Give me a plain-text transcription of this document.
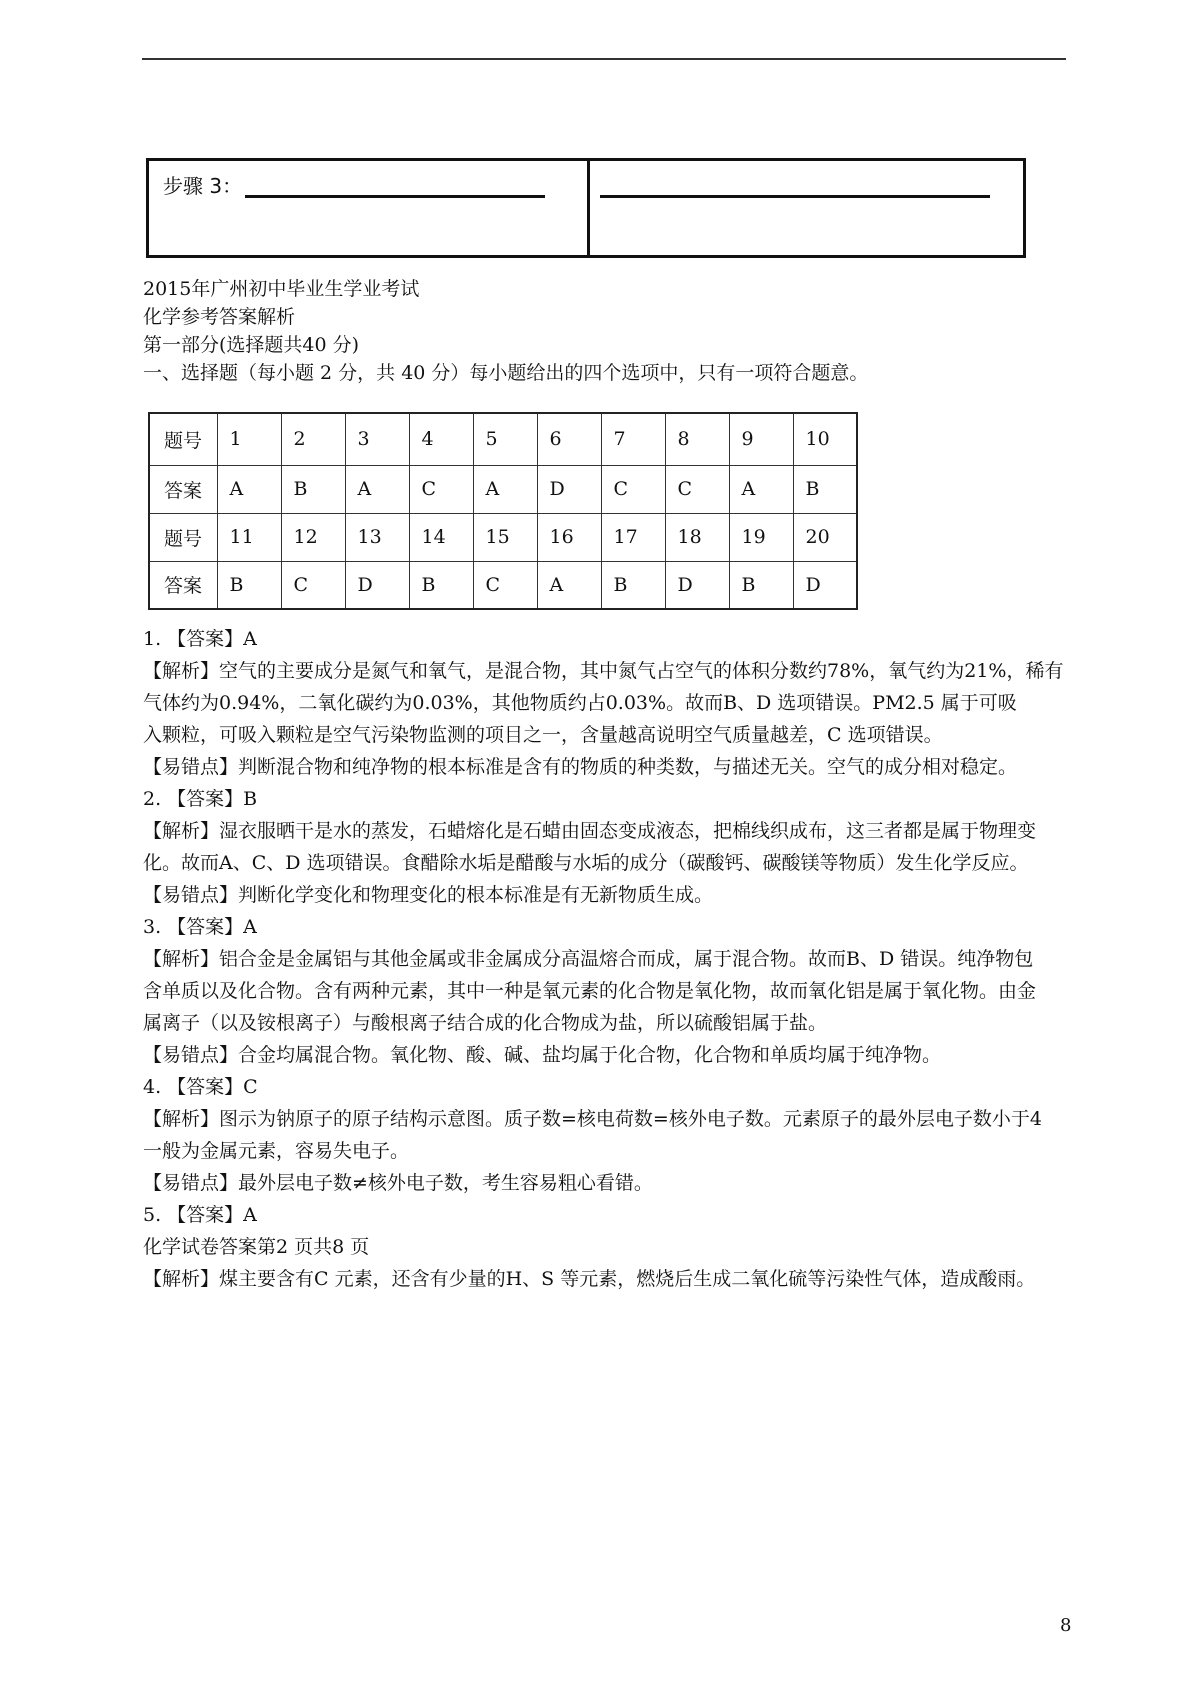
步骤 3：
2015年广州初中毕业生学业考试
化学参考答案解析
第一部分(选择题共40 分)
一、选择题（每小题 2 分，共 40 分）每小题给出的四个选项中，只有一项符合题意。
题号	1	2	3	4	5	6	7	8	9	10
答案	A	B	A	C	A	D	C	C	A	B
题号	11	12	13	14	15	16	17	18	19	20
答案	B	C	D	B	C	A	B	D	B	D
1. 【答案】A
【解析】空气的主要成分是氮气和氧气，是混合物，其中氮气占空气的体积分数约78%，氧气约为21%，稀有气体约为0.94%，二氧化碳约为0.03%，其他物质约占0.03%。故而B、D 选项错误。PM2.5 属于可吸
入颗粒，可吸入颗粒是空气污染物监测的项目之一，含量越高说明空气质量越差，C 选项错误。
【易错点】判断混合物和纯净物的根本标准是含有的物质的种类数，与描述无关。空气的成分相对稳定。
2. 【答案】B
【解析】湿衣服晒干是水的蒸发，石蜡熔化是石蜡由固态变成液态，把棉线织成布，这三者都是属于物理变
化。故而A、C、D 选项错误。食醋除水垢是醋酸与水垢的成分（碳酸钙、碳酸镁等物质）发生化学反应。
【易错点】判断化学变化和物理变化的根本标准是有无新物质生成。
3. 【答案】A
【解析】铝合金是金属铝与其他金属或非金属成分高温熔合而成，属于混合物。故而B、D 错误。纯净物包
含单质以及化合物。含有两种元素，其中一种是氧元素的化合物是氧化物，故而氧化铝是属于氧化物。由金
属离子（以及铵根离子）与酸根离子结合成的化合物成为盐，所以硫酸铝属于盐。
【易错点】合金均属混合物。氧化物、酸、碱、盐均属于化合物，化合物和单质均属于纯净物。
4. 【答案】C
【解析】图示为钠原子的原子结构示意图。质子数=核电荷数=核外电子数。元素原子的最外层电子数小于4
一般为金属元素，容易失电子。
【易错点】最外层电子数≠核外电子数，考生容易粗心看错。
5. 【答案】A
化学试卷答案第2 页共8 页
【解析】煤主要含有C 元素，还含有少量的H、S 等元素，燃烧后生成二氧化硫等污染性气体，造成酸雨。
8
